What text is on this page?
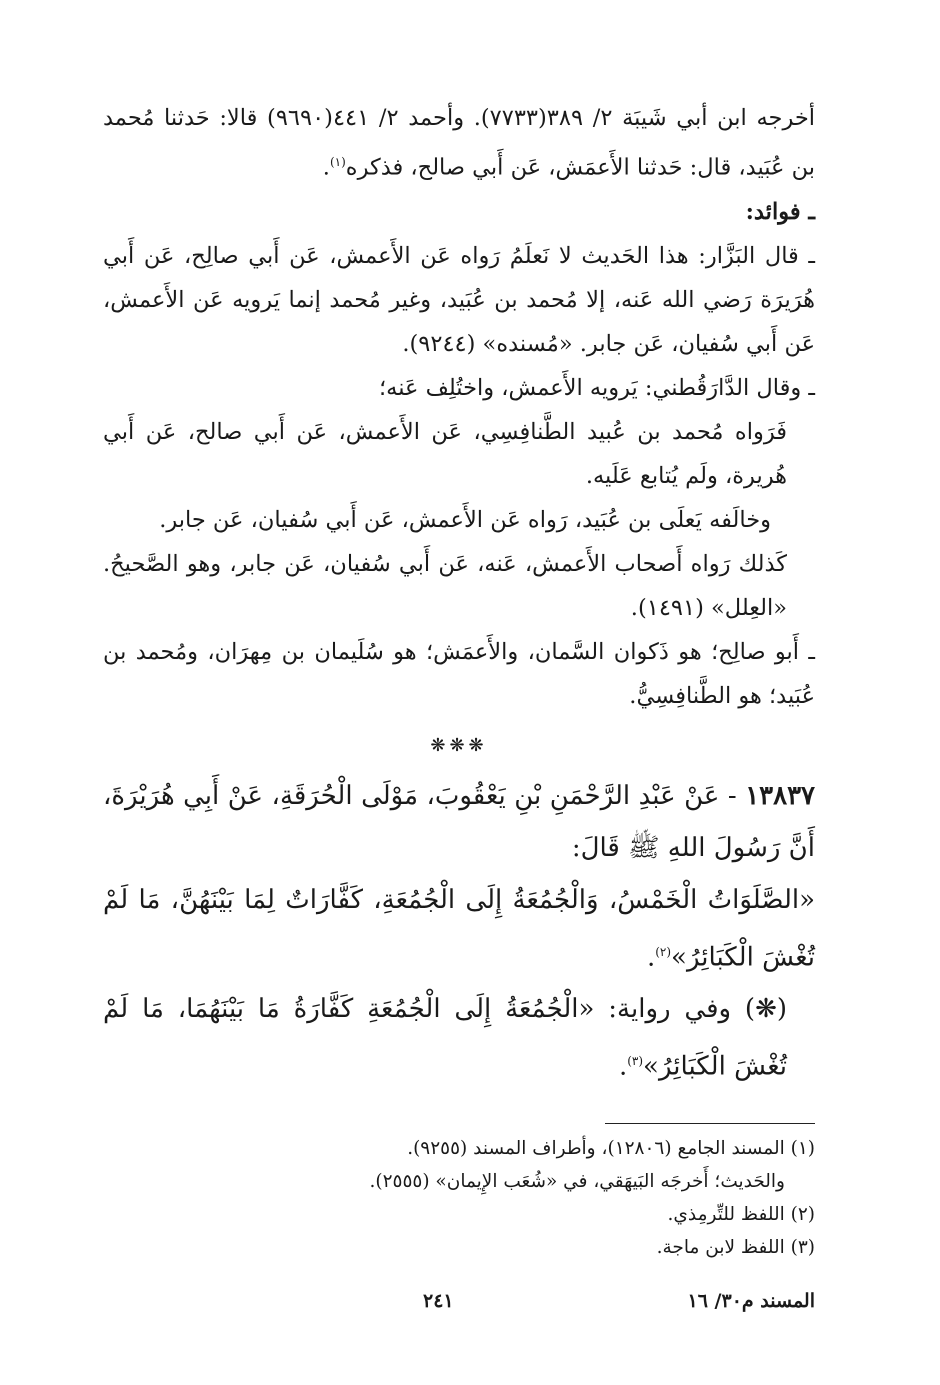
أخرجه ابن أبي شَيبَة ٢/ ٣٨٩(٧٧٣٣). وأحمد ٢/ ٤٤١(٩٦٩٠) قالا: حَدثنا مُحمد بن عُبَيد، قال: حَدثنا الأَعمَش، عَن أَبي صالح، فذكره$^{(١)}$.

ـ فوائد:

ـ قال البَزَّار: هذا الحَديث لا نَعلَمُ رَواه عَن الأَعمش، عَن أَبي صالِح، عَن أَبي هُرَيرَة رَضي الله عَنه، إلا مُحمد بن عُبَيد، وغير مُحمد إنما يَرويه عَن الأَعمش، عَن أَبي سُفيان، عَن جابر. «مُسنده» (٩٢٤٤).

ـ وقال الدَّارَقُطني: يَرويه الأَعمش، واختُلِف عَنه؛

فَرَواه مُحمد بن عُبيد الطَّنافِسِي، عَن الأَعمش، عَن أَبي صالح، عَن أَبي هُريرة، ولَم يُتابع عَلَيه.

وخالَفه يَعلَى بن عُبَيد، رَواه عَن الأَعمش، عَن أَبي سُفيان، عَن جابر.

كَذلك رَواه أَصحاب الأَعمش، عَنه، عَن أَبي سُفيان، عَن جابر، وهو الصَّحيحُ. «العِلل» (١٤٩١).

ـ أَبو صالِح؛ هو ذَكوان السَّمان، والأَعمَش؛ هو سُلَيمان بن مِهرَان، ومُحمد بن عُبَيد؛ هو الطَّنافِسِيُّ.

❋❋❋

١٣٨٣٧ - عَنْ عَبْدِ الرَّحْمَنِ بْنِ يَعْقُوبَ، مَوْلَى الْحُرَقَةِ، عَنْ أَبِي هُرَيْرَةَ، أَنَّ رَسُولَ اللهِ ﷺ قَالَ:

«الصَّلَوَاتُ الْخَمْسُ، وَالْجُمُعَةُ إِلَى الْجُمُعَةِ، كَفَّارَاتٌ لِمَا بَيْنَهُنَّ، مَا لَمْ تُغْشَ الْكَبَائِرُ»$^{(٢)}$.

(❋) وفي رواية: «الْجُمُعَةُ إِلَى الْجُمُعَةِ كَفَّارَةُ مَا بَيْنَهُمَا، مَا لَمْ تُغْشَ الْكَبَائِرُ»$^{(٣)}$.

(١) المسند الجامع (١٢٨٠٦)، وأطراف المسند (٩٢٥٥).

والحَديث؛ أَخرجَه البَيهَقي، في «شُعَب الإِيمان» (٢٥٥٥).

(٢) اللفظ للتِّرمِذي.

(٣) اللفظ لابن ماجة.

المسند م٣٠/ ١٦
٢٤١
